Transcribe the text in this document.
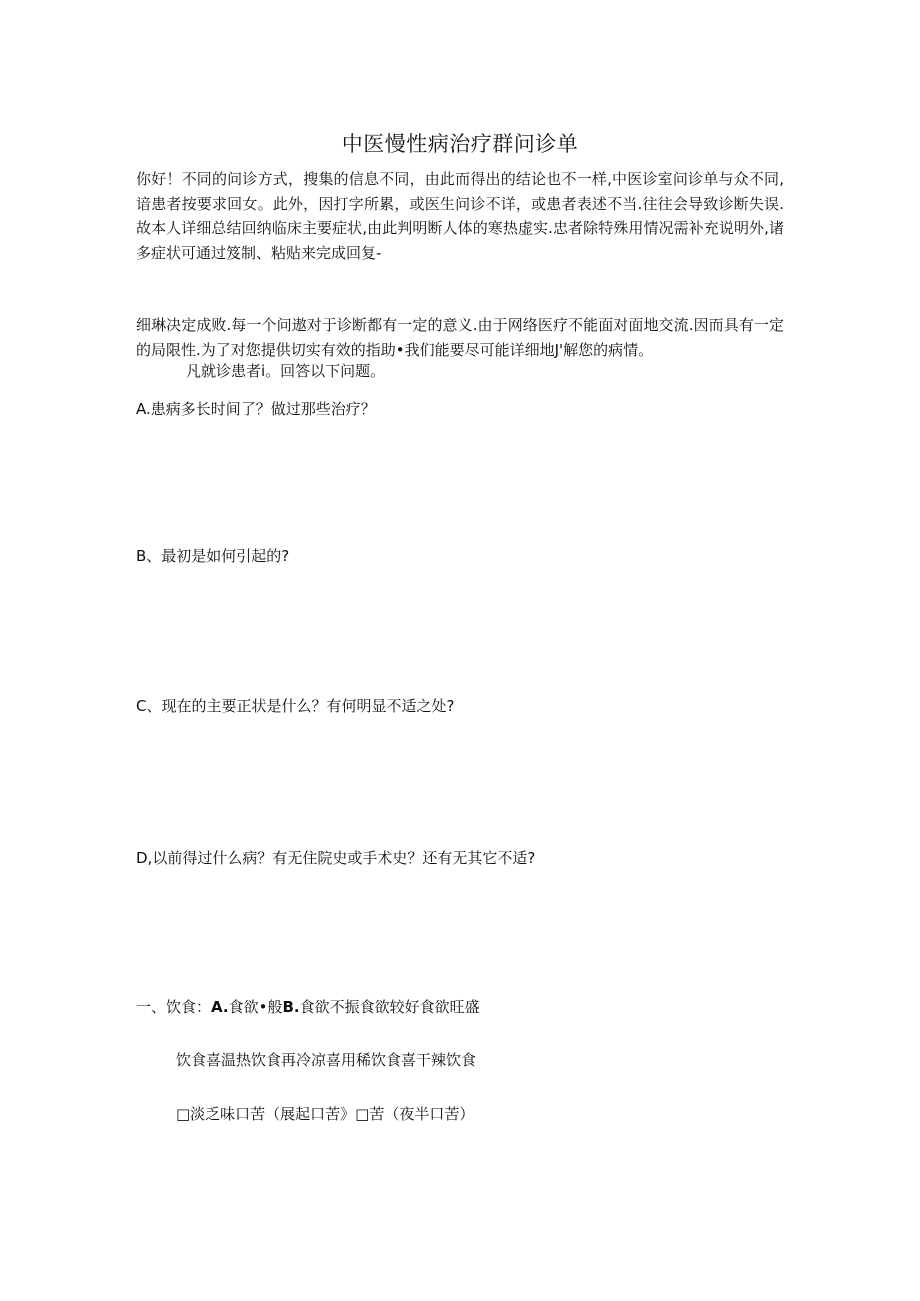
中医慢性病治疗群问诊单

你好！不同的问诊方式，搜集的信息不同，由此而得出的结论也不一样,中医诊室问诊单与众不同,谙患者按要求回女。此外，因打字所累，或医生问诊不详，或患者表述不当.往往会导致诊断失误.故本人详细总结回纳临床主要症状,由此判明断人体的寒热虚实.忠者除特殊用情况需补充说明外,诸多症状可通过笈制、粘贴来完成回复-

细琳决定成败.每一个问遨对于诊断都有一定的意义.由于网络医疗不能面对面地交流.因而具有一定的局限性.为了对您提供切实有效的指助•我们能要尽可能详细地J'解您的病情。

凡就诊患者i。回答以下问题。

A.患病多长时间了？做过那些治疗？

B、最初是如何引起的?

C、现在的主要正状是什么？有何明显不适之处?

D,以前得过什么病？有无住院史或手术史？还有无其它不适?

一、饮食：A.食欲•般B.食欲不振食欲较好食欲旺盛

饮食喜温热饮食再冷凉喜用稀饮食喜干辣饮食

□淡乏味口苦（展起口苦》□苦（夜半口苦）
